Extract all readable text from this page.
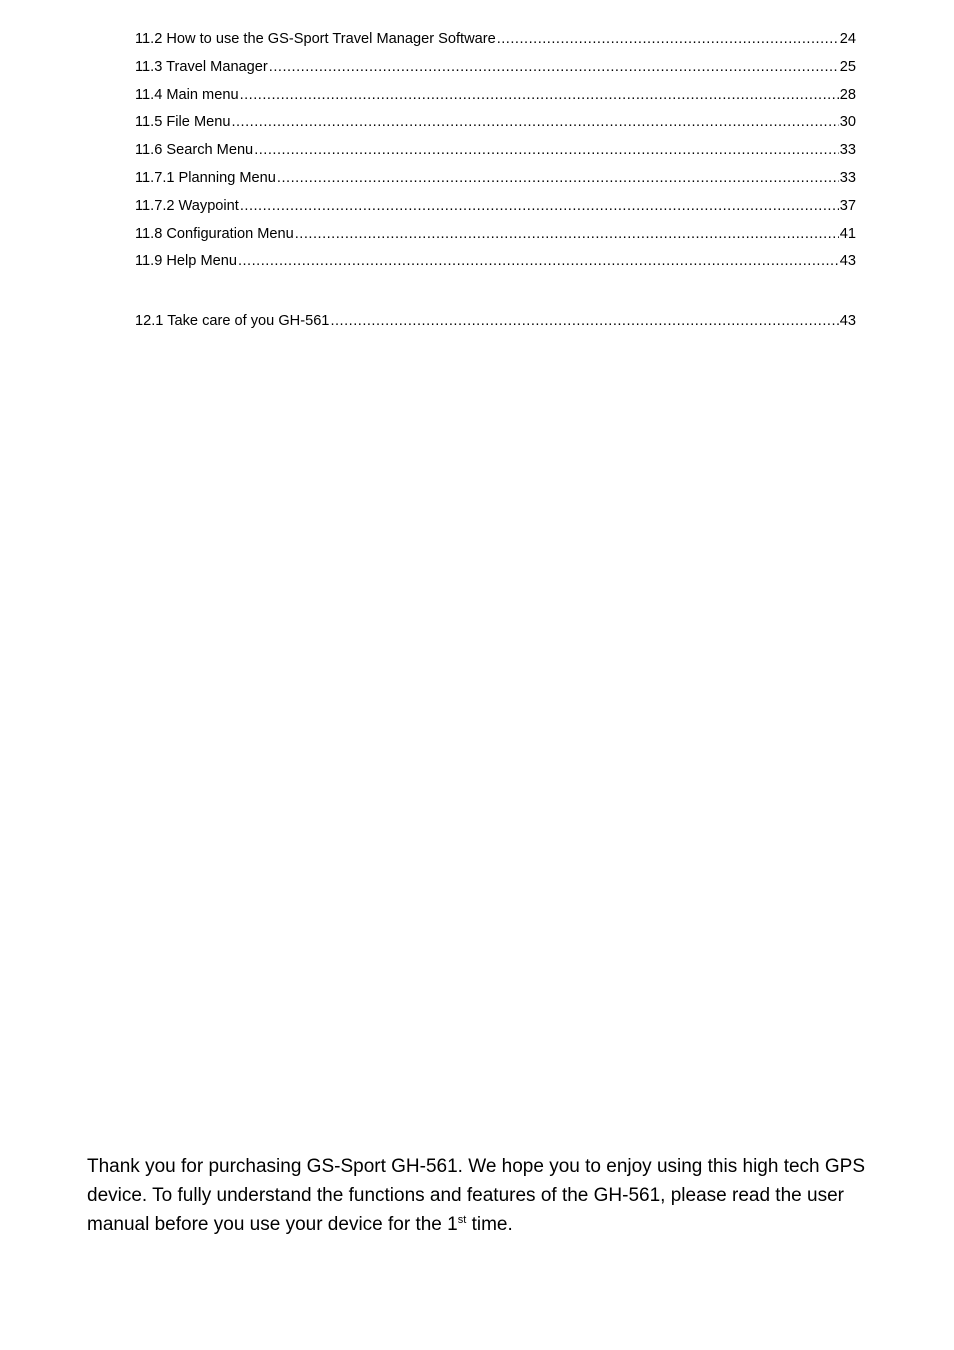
11.2 How to use the GS-Sport Travel Manager Software .....	24
11.3 Travel Manager .....	25
11.4 Main menu .....	28
11.5 File Menu .....	30
11.6 Search Menu .....	33
11.7.1 Planning Menu .....	33
11.7.2 Waypoint .....	37
11.8 Configuration Menu .....	41
11.9 Help Menu .....	43
12.1 Take care of you GH-561 .....	43

Thank you for purchasing GS-Sport GH-561. We hope you to enjoy using this high tech GPS device. To fully understand the functions and features of the GH-561, please read the user manual before you use your device for the 1st time.
